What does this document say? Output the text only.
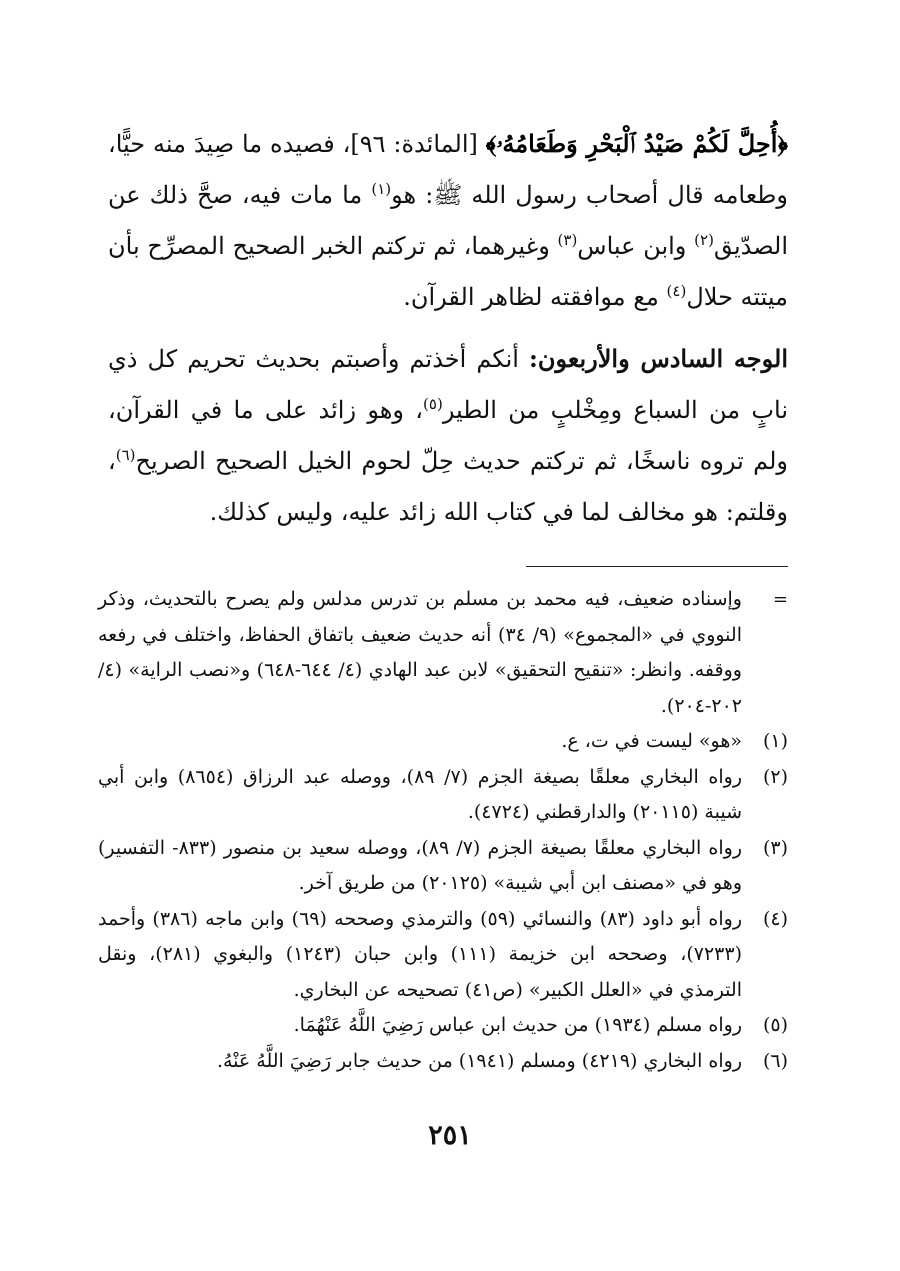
﴿أُحِلَّ لَكُمْ صَيْدُ ٱلْبَحْرِ وَطَعَامُهُۥ﴾ [المائدة: ٩٦]، فصيده ما صِيدَ منه حيًّا، وطعامه قال أصحاب رسول الله ﷺ: هو$^{(١)}$ ما مات فيه، صحَّ ذلك عن الصدّيق$^{(٢)}$ وابن عباس$^{(٣)}$ وغيرهما، ثم تركتم الخبر الصحيح المصرِّح بأن ميتته حلال$^{(٤)}$ مع موافقته لظاهر القرآن.

الوجه السادس والأربعون: أنكم أخذتم وأصبتم بحديث تحريم كل ذي نابٍ من السباع ومِخْلبٍ من الطير$^{(٥)}$، وهو زائد على ما في القرآن، ولم تروه ناسخًا، ثم تركتم حديث حِلّ لحوم الخيل الصحيح الصريح$^{(٦)}$، وقلتم: هو مخالف لما في كتاب الله زائد عليه، وليس كذلك.

=
وإسناده ضعيف، فيه محمد بن مسلم بن تدرس مدلس ولم يصرح بالتحديث، وذكر النووي في «المجموع» (٩/ ٣٤) أنه حديث ضعيف باتفاق الحفاظ، واختلف في رفعه ووقفه. وانظر: «تنقيح التحقيق» لابن عبد الهادي (٤/ ٦٤٤-٦٤٨) و«نصب الراية» (٤/ ٢٠٢-٢٠٤).
(١)
«هو» ليست في ت، ع.
(٢)
رواه البخاري معلقًا بصيغة الجزم (٧/ ٨٩)، ووصله عبد الرزاق (٨٦٥٤) وابن أبي شيبة (٢٠١١٥) والدارقطني (٤٧٢٤).
(٣)
رواه البخاري معلقًا بصيغة الجزم (٧/ ٨٩)، ووصله سعيد بن منصور (٨٣٣- التفسير) وهو في «مصنف ابن أبي شيبة» (٢٠١٢٥) من طريق آخر.
(٤)
رواه أبو داود (٨٣) والنسائي (٥٩) والترمذي وصححه (٦٩) وابن ماجه (٣٨٦) وأحمد (٧٢٣٣)، وصححه ابن خزيمة (١١١) وابن حبان (١٢٤٣) والبغوي (٢٨١)، ونقل الترمذي في «العلل الكبير» (ص٤١) تصحيحه عن البخاري.
(٥)
رواه مسلم (١٩٣٤) من حديث ابن عباس رَضِيَ اللَّهُ عَنْهُمَا.
(٦)
رواه البخاري (٤٢١٩) ومسلم (١٩٤١) من حديث جابر رَضِيَ اللَّهُ عَنْهُ.
٢٥١
